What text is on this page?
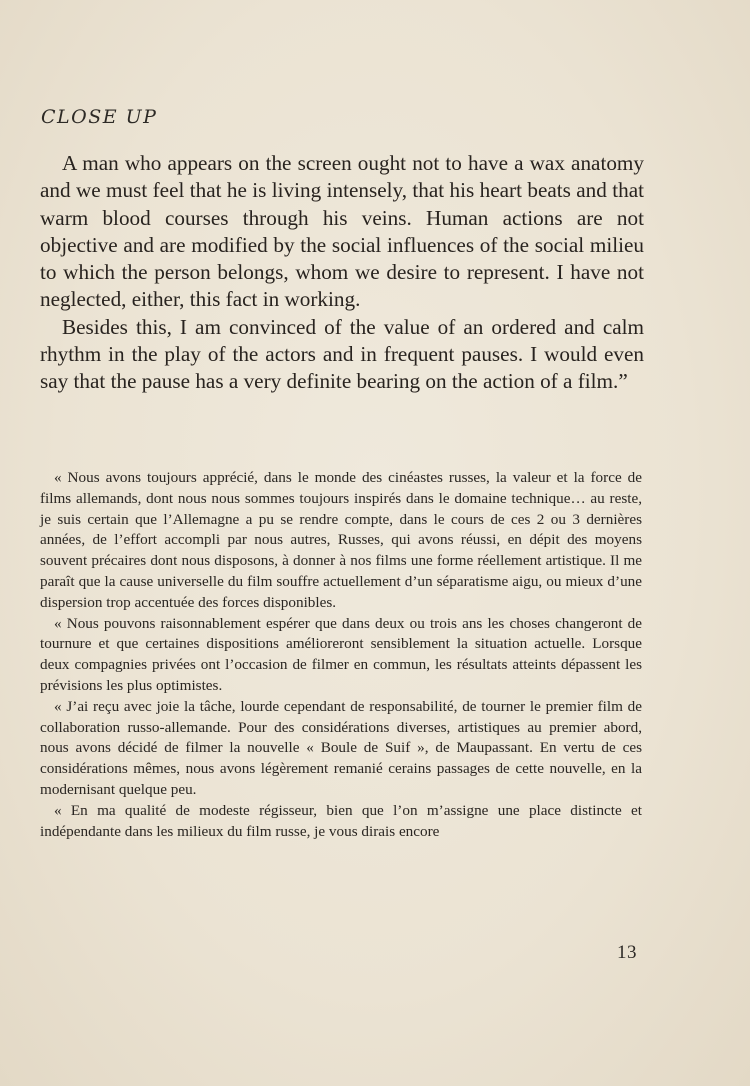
CLOSE UP

A man who appears on the screen ought not to have a wax anatomy and we must feel that he is living intensely, that his heart beats and that warm blood courses through his veins. Human actions are not objective and are modified by the social influences of the social milieu to which the person belongs, whom we desire to represent. I have not neglected, either, this fact in working.

Besides this, I am convinced of the value of an ordered and calm rhythm in the play of the actors and in frequent pauses. I would even say that the pause has a very definite bearing on the action of a film.”

« Nous avons toujours apprécié, dans le monde des cinéastes russes, la valeur et la force de films allemands, dont nous nous sommes toujours inspirés dans le domaine technique… au reste, je suis certain que l’Allemagne a pu se rendre compte, dans le cours de ces 2 ou 3 dernières années, de l’effort accompli par nous autres, Russes, qui avons réussi, en dépit des moyens souvent précaires dont nous disposons, à donner à nos films une forme réellement artistique. Il me paraît que la cause universelle du film souffre actuellement d’un séparatisme aigu, ou mieux d’une dispersion trop accentuée des forces disponibles.

« Nous pouvons raisonnablement espérer que dans deux ou trois ans les choses changeront de tournure et que certaines dispositions amélioreront sensiblement la situation actuelle. Lorsque deux compagnies privées ont l’occasion de filmer en commun, les résultats atteints dépassent les prévisions les plus optimistes.

« J’ai reçu avec joie la tâche, lourde cependant de responsabilité, de tourner le premier film de collaboration russo-allemande. Pour des considérations diverses, artistiques au premier abord, nous avons décidé de filmer la nouvelle « Boule de Suif », de Maupassant. En vertu de ces considérations mêmes, nous avons légèrement remanié cerains passages de cette nouvelle, en la modernisant quelque peu.

« En ma qualité de modeste régisseur, bien que l’on m’assigne une place distincte et indépendante dans les milieux du film russe, je vous dirais encore

13
